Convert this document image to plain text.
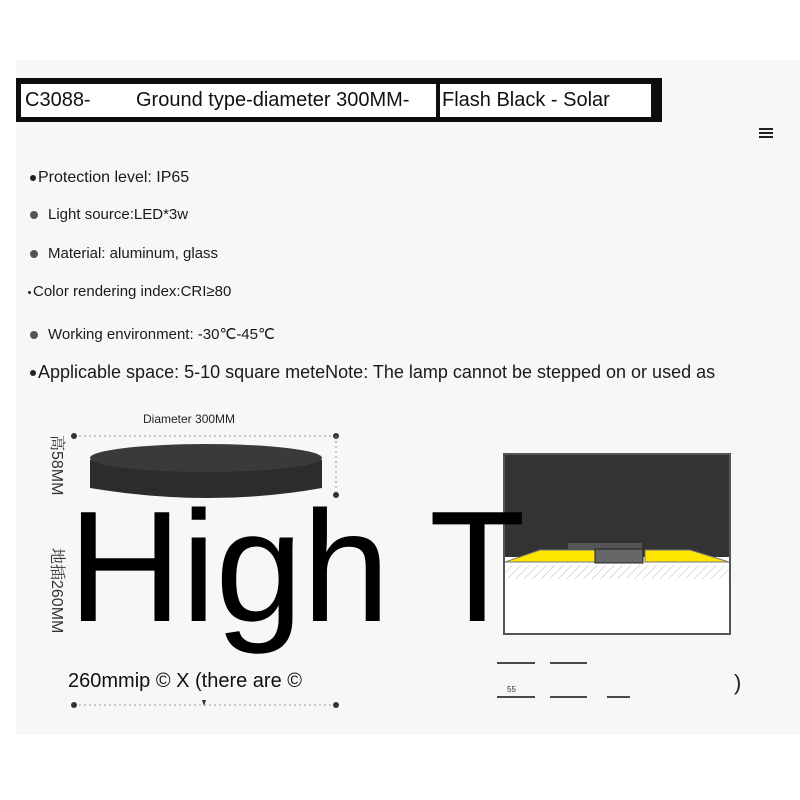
C3088- Ground type-diameter 300MM- Flash Black - Solar
Protection level: IP65
Light source:LED*3w
Material: aluminum, glass
Color rendering index:CRI≥80
Working environment: -30℃-45℃
Applicable space: 5-10 square meteNote: The lamp cannot be stepped on or used as
Diameter 300MM
高58MM
地插260MM
55	)
High T
260mmip © X (there are ©
